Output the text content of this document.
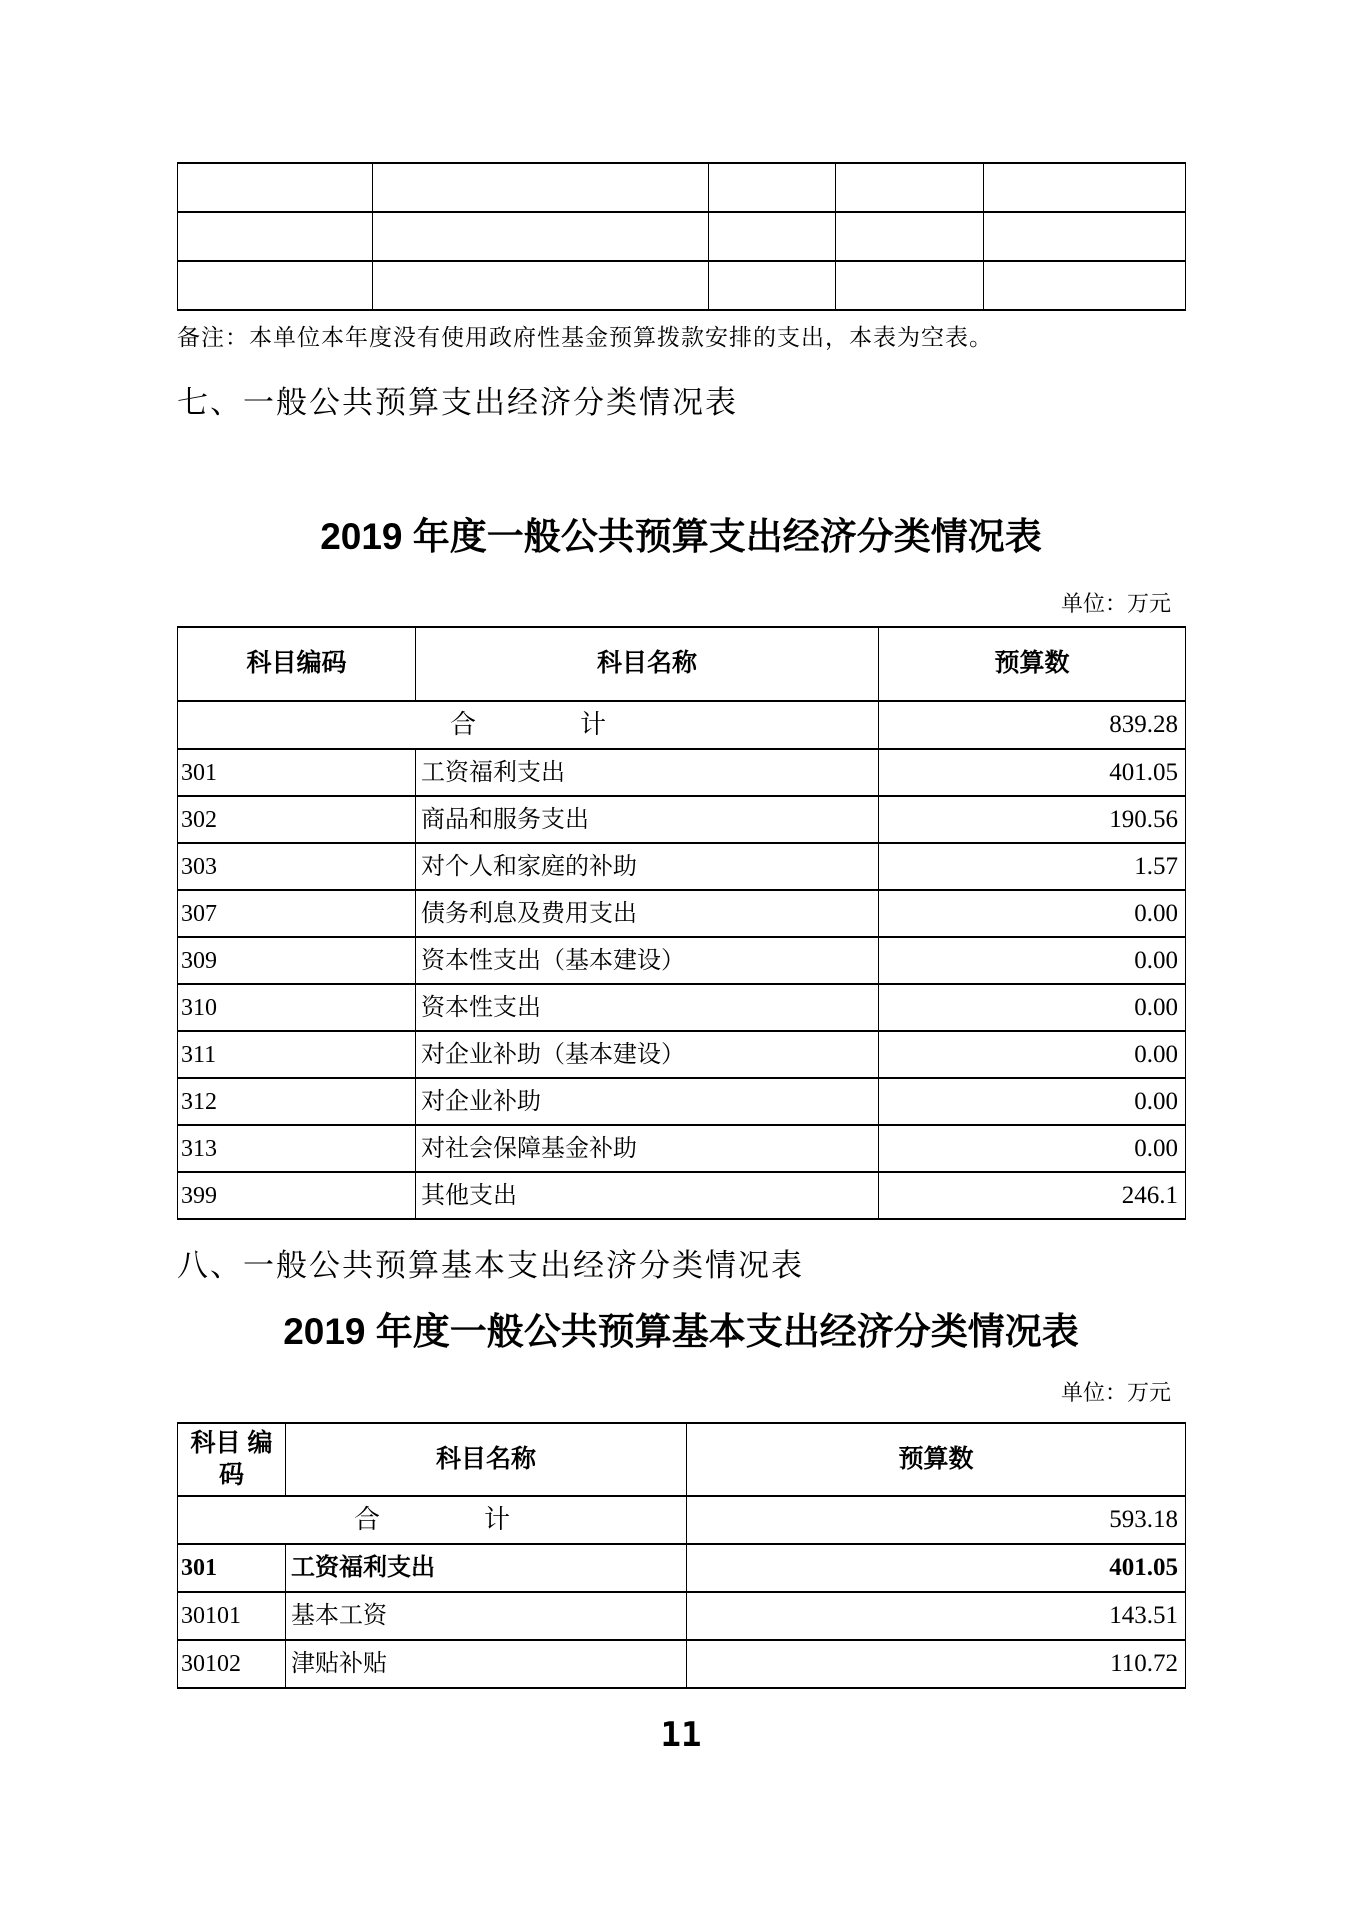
备注：本单位本年度没有使用政府性基金预算拨款安排的支出，本表为空表。
七、一般公共预算支出经济分类情况表
2019 年度一般公共预算支出经济分类情况表
单位：万元
科目编码	科目名称	预算数
合　　　　计		839.28
301	工资福利支出	401.05
302	商品和服务支出	190.56
303	对个人和家庭的补助	1.57
307	债务利息及费用支出	0.00
309	资本性支出（基本建设）	0.00
310	资本性支出	0.00
311	对企业补助（基本建设）	0.00
312	对企业补助	0.00
313	对社会保障基金补助	0.00
399	其他支出	246.1
八、一般公共预算基本支出经济分类情况表
2019 年度一般公共预算基本支出经济分类情况表
单位：万元
科目 编
码	科目名称	预算数
合　　　　计		593.18
301	工资福利支出	401.05
30101	基本工资	143.51
30102	津贴补贴	110.72
11
